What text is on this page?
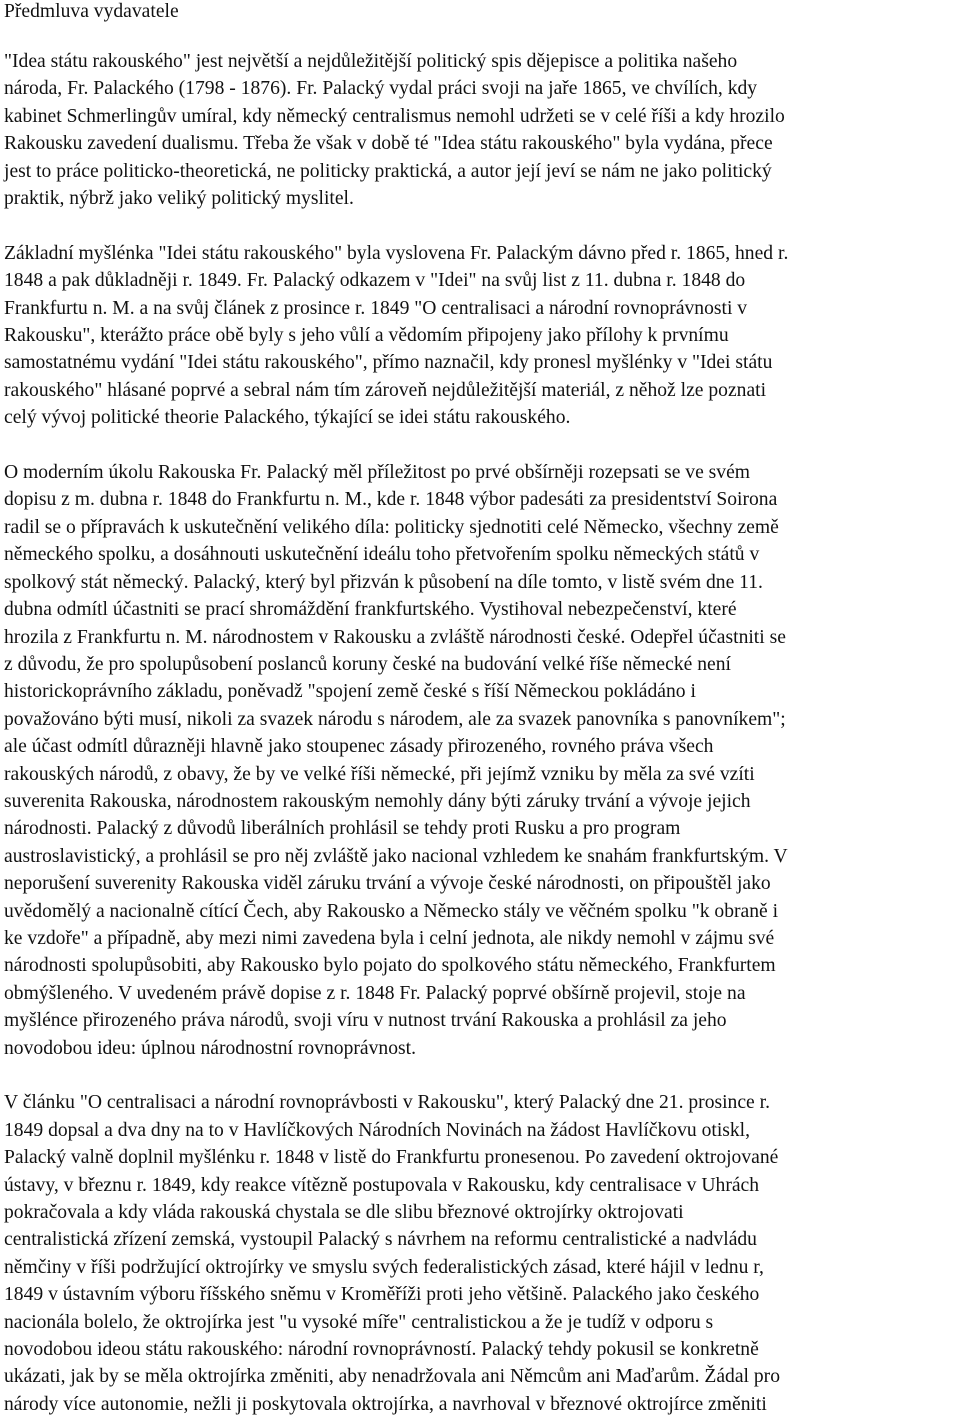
Předmluva vydavatele

"Idea státu rakouského" jest největší a nejdůležitější politický spis dějepisce a politika našeho
národa, Fr. Palackého (1798 - 1876). Fr. Palacký vydal práci svoji na jaře 1865, ve chvílích, kdy
kabinet Schmerlingův umíral, kdy německý centralismus nemohl udržeti se v celé říši a kdy hrozilo
Rakousku zavedení dualismu. Třeba že však v době té "Idea státu rakouského" byla vydána, přece
jest to práce politicko-theoretická, ne politicky praktická, a autor její jeví se nám ne jako politický
praktik, nýbrž jako veliký politický myslitel.

Základní myšlénka "Idei státu rakouského" byla vyslovena Fr. Palackým dávno před r. 1865, hned r.
1848 a pak důkladněji r. 1849. Fr. Palacký odkazem v "Idei" na svůj list z 11. dubna r. 1848 do
Frankfurtu n. M. a na svůj článek z prosince r. 1849 "O centralisaci a národní rovnoprávnosti v
Rakousku", kterážto práce obě byly s jeho vůlí a vědomím připojeny jako přílohy k prvnímu
samostatnému vydání "Idei státu rakouského", přímo naznačil, kdy pronesl myšlénky v "Idei státu
rakouského" hlásané poprvé a sebral nám tím zároveň nejdůležitější materiál, z něhož lze poznati
celý vývoj politické theorie Palackého, týkající se idei státu rakouského.

O moderním úkolu Rakouska Fr. Palacký měl příležitost po prvé obšírněji rozepsati se ve svém
dopisu z m. dubna r. 1848 do Frankfurtu n. M., kde r. 1848 výbor padesáti za presidentství Soirona
radil se o přípravách k uskutečnění velikého díla: politicky sjednotiti celé Německo, všechny země
německého spolku, a dosáhnouti uskutečnění ideálu toho přetvořením spolku německých států v
spolkový stát německý. Palacký, který byl přizván k působení na díle tomto, v listě svém dne 11.
dubna odmítl účastniti se prací shromáždění frankfurtského. Vystihoval nebezpečenství, které
hrozila z Frankfurtu n. M. národnostem v Rakousku a zvláště národnosti české. Odepřel účastniti se
z důvodu, že pro spolupůsobení poslanců koruny české na budování velké říše německé není
historickoprávního základu, poněvadž "spojení země české s říší Německou pokládáno i
považováno býti musí, nikoli za svazek národu s národem, ale za svazek panovníka s panovníkem";
ale účast odmítl důrazněji hlavně jako stoupenec zásady přirozeného, rovného práva všech
rakouských národů, z obavy, že by ve velké říši německé, při jejímž vzniku by měla za své vzíti
suverenita Rakouska, národnostem rakouským nemohly dány býti záruky trvání a vývoje jejich
národnosti. Palacký z důvodů liberálních prohlásil se tehdy proti Rusku a pro program
austroslavistický, a prohlásil se pro něj zvláště jako nacional vzhledem ke snahám frankfurtským. V
neporušení suverenity Rakouska viděl záruku trvání a vývoje české národnosti, on připouštěl jako
uvědomělý a nacionalně cítící Čech, aby Rakousko a Německo stály ve věčném spolku "k obraně i
ke vzdoře" a případně, aby mezi nimi zavedena byla i celní jednota, ale nikdy nemohl v zájmu své
národnosti spolupůsobiti, aby Rakousko bylo pojato do spolkového státu německého, Frankfurtem
obmýšleného. V uvedeném právě dopise z r. 1848 Fr. Palacký poprvé obšírně projevil, stoje na
myšlénce přirozeného práva národů, svoji víru v nutnost trvání Rakouska a prohlásil za jeho
novodobou ideu: úplnou národnostní rovnoprávnost.

V článku "O centralisaci a národní rovnoprávbosti v Rakousku", který Palacký dne 21. prosince r.
1849 dopsal a dva dny na to v Havlíčkových Národních Novinách na žádost Havlíčkovu otiskl,
Palacký valně doplnil myšlénku r. 1848 v listě do Frankfurtu pronesenou. Po zavedení oktrojované
ústavy, v březnu r. 1849, kdy reakce vítězně postupovala v Rakousku, kdy centralisace v Uhrách
pokračovala a kdy vláda rakouská chystala se dle slibu březnové oktrojírky oktrojovati
centralistická zřízení zemská, vystoupil Palacký s návrhem na reformu centralistické a nadvládu
němčiny v říši podržující oktrojírky ve smyslu svých federalistických zásad, které hájil v lednu r,
1849 v ústavním výboru říšského sněmu v Kroměříži proti jeho většině. Palackého jako českého
nacionála bolelo, že oktrojírka jest "u vysoké míře" centralistickou a že je tudíž v odporu s
novodobou ideou státu rakouského: národní rovnoprávností. Palacký tehdy pokusil se konkretně
ukázati, jak by se měla oktrojírka změniti, aby nenadržovala ani Němcům ani Maďarům. Žádal pro
národy více autonomie, nežli ji poskytovala oktrojírka, a navrhoval v březnové oktrojírce změniti
